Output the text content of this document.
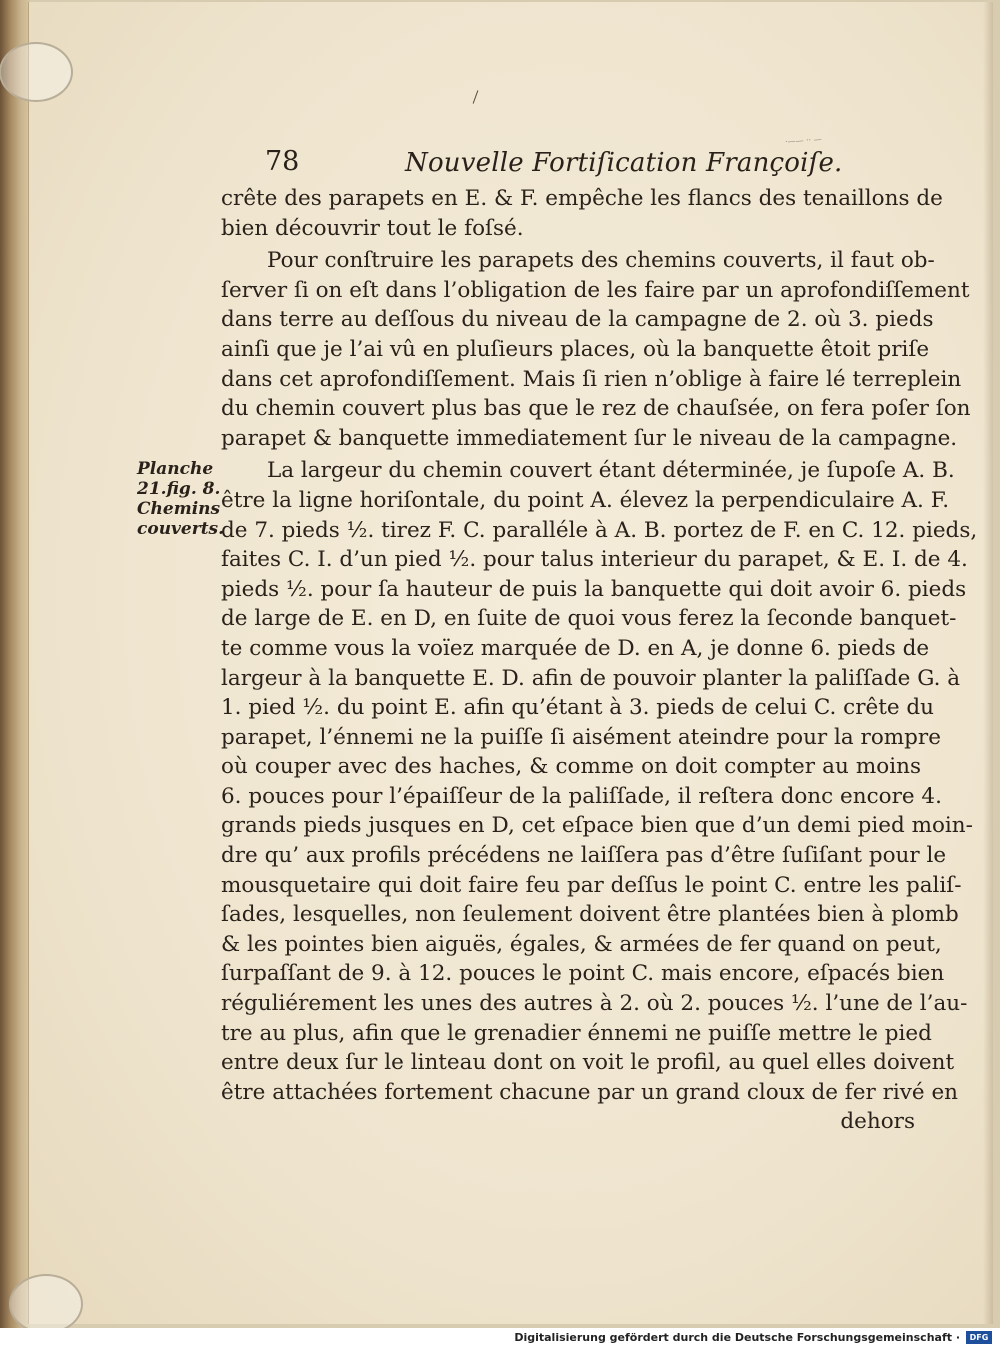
·—— ·· —
78	Nouvelle Fortiſication Françoiſe.
Planche
21.fig. 8.
Chemins
couverts.
crête des parapets en E. & F. empêche les flancs des tenaillons de
bien découvrir tout le foſsé.
Pour conſtruire les parapets des chemins couverts, il faut ob-
ſerver ſi on eſt dans l’obligation de les faire par un aprofondiſſement
dans terre au deſſous du niveau de la campagne de 2. où 3. pieds
ainſi que je l’ai vû en pluſieurs places, où la banquette êtoit priſe
dans cet aprofondiſſement. Mais ſi rien n’oblige à faire lé terreplein
du chemin couvert plus bas que le rez de chauſsée, on fera poſer ſon
parapet & banquette immediatement ſur le niveau de la campagne.
La largeur du chemin couvert étant déterminée, je ſupoſe A. B.
être la ligne horiſontale, du point A. élevez la perpendiculaire A. F.
de 7. pieds ½. tirez F. C. paralléle à A. B. portez de F. en C. 12. pieds,
faites C. I. d’un pied ½. pour talus interieur du parapet, & E. I. de 4.
pieds ½. pour ſa hauteur de puis la banquette qui doit avoir 6. pieds
de large de E. en D, en ſuite de quoi vous ferez la ſeconde banquet-
te comme vous la voïez marquée de D. en A, je donne 6. pieds de
largeur à la banquette E. D. afin de pouvoir planter la paliſſade G. à
1. pied ½. du point E. afin qu’étant à 3. pieds de celui C. crête du
parapet, l’énnemi ne la puiſſe ſi aisément ateindre pour la rompre
où couper avec des haches, & comme on doit compter au moins
6. pouces pour l’épaiſſeur de la paliſſade, il reſtera donc encore 4.
grands pieds jusques en D, cet eſpace bien que d’un demi pied moin-
dre qu’ aux profils précédens ne laiſſera pas d’être ſuſiſant pour le
mousquetaire qui doit faire feu par deſſus le point C. entre les paliſ-
ſades, lesquelles, non ſeulement doivent être plantées bien à plomb
& les pointes bien aiguës, égales, & armées de fer quand on peut,
ſurpaſſant de 9. à 12. pouces le point C. mais encore, eſpacés bien
réguliérement les unes des autres à 2. où 2. pouces ½. l’une de l’au-
tre au plus, afin que le grenadier énnemi ne puiſſe mettre le pied
entre deux ſur le linteau dont on voit le profil, au quel elles doivent
être attachées fortement chacune par un grand cloux de fer rivé en
dehors
Digitalisierung gefördert durch die Deutsche Forschungsgemeinschaft ·	DFG
